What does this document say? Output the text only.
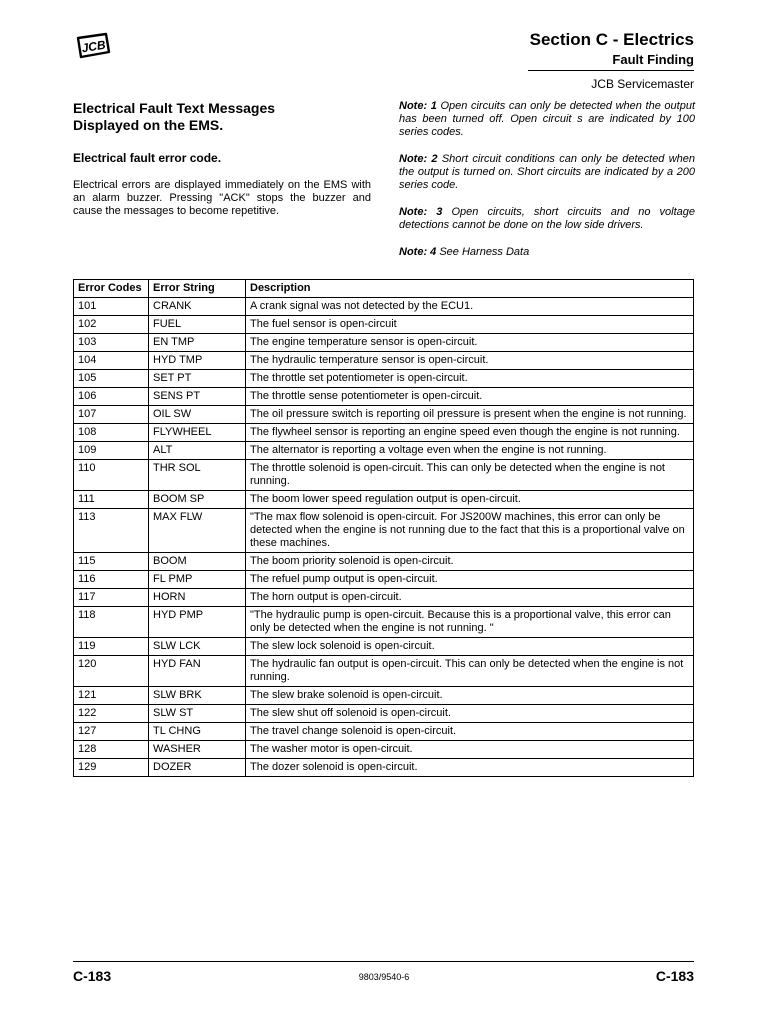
JCB	Section C - Electrics
Fault Finding
JCB Servicemaster
Electrical Fault Text Messages
Displayed on the EMS.
Electrical fault error code.

Electrical errors are displayed immediately on the EMS with an alarm buzzer. Pressing "ACK" stops the buzzer and cause the messages to become repetitive.

Note: 1 Open circuits can only be detected when the output has been turned off. Open circuit s are indicated by 100 series codes.

Note: 2 Short circuit conditions can only be detected when the output is turned on. Short circuits are indicated by a 200 series code.

Note: 3 Open circuits, short circuits and no voltage detections cannot be done on the low side drivers.

Note: 4 See Harness Data

Error Codes	Error String	Description
101	CRANK	A crank signal was not detected by the ECU1.
102	FUEL	The fuel sensor is open-circuit
103	EN TMP	The engine temperature sensor is open-circuit.
104	HYD TMP	The hydraulic temperature sensor is open-circuit.
105	SET PT	The throttle set potentiometer is open-circuit.
106	SENS PT	The throttle sense potentiometer is open-circuit.
107	OIL SW	The oil pressure switch is reporting oil pressure is present when the engine is not running.
108	FLYWHEEL	The flywheel sensor is reporting an engine speed even though the engine is not running.
109	ALT	The alternator is reporting a voltage even when the engine is not running.
110	THR SOL	The throttle solenoid is open-circuit. This can only be detected when the engine is not running.
111	BOOM SP	The boom lower speed regulation output is open-circuit.
113	MAX FLW	"The max flow solenoid is open-circuit. For JS200W machines, this error can only be detected when the engine is not running due to the fact that this is a proportional valve on these machines.
115	BOOM	The boom priority solenoid is open-circuit.
116	FL PMP	The refuel pump output is open-circuit.
117	HORN	The horn output is open-circuit.
118	HYD PMP	"The hydraulic pump is open-circuit. Because this is a proportional valve, this error can only be detected when the engine is not running. "
119	SLW LCK	The slew lock solenoid is open-circuit.
120	HYD FAN	The hydraulic fan output is open-circuit. This can only be detected when the engine is not running.
121	SLW BRK	The slew brake solenoid is open-circuit.
122	SLW ST	The slew shut off solenoid is open-circuit.
127	TL CHNG	The travel change solenoid is open-circuit.
128	WASHER	The washer motor is open-circuit.
129	DOZER	The dozer solenoid is open-circuit.
C-183	9803/9540-6	C-183
